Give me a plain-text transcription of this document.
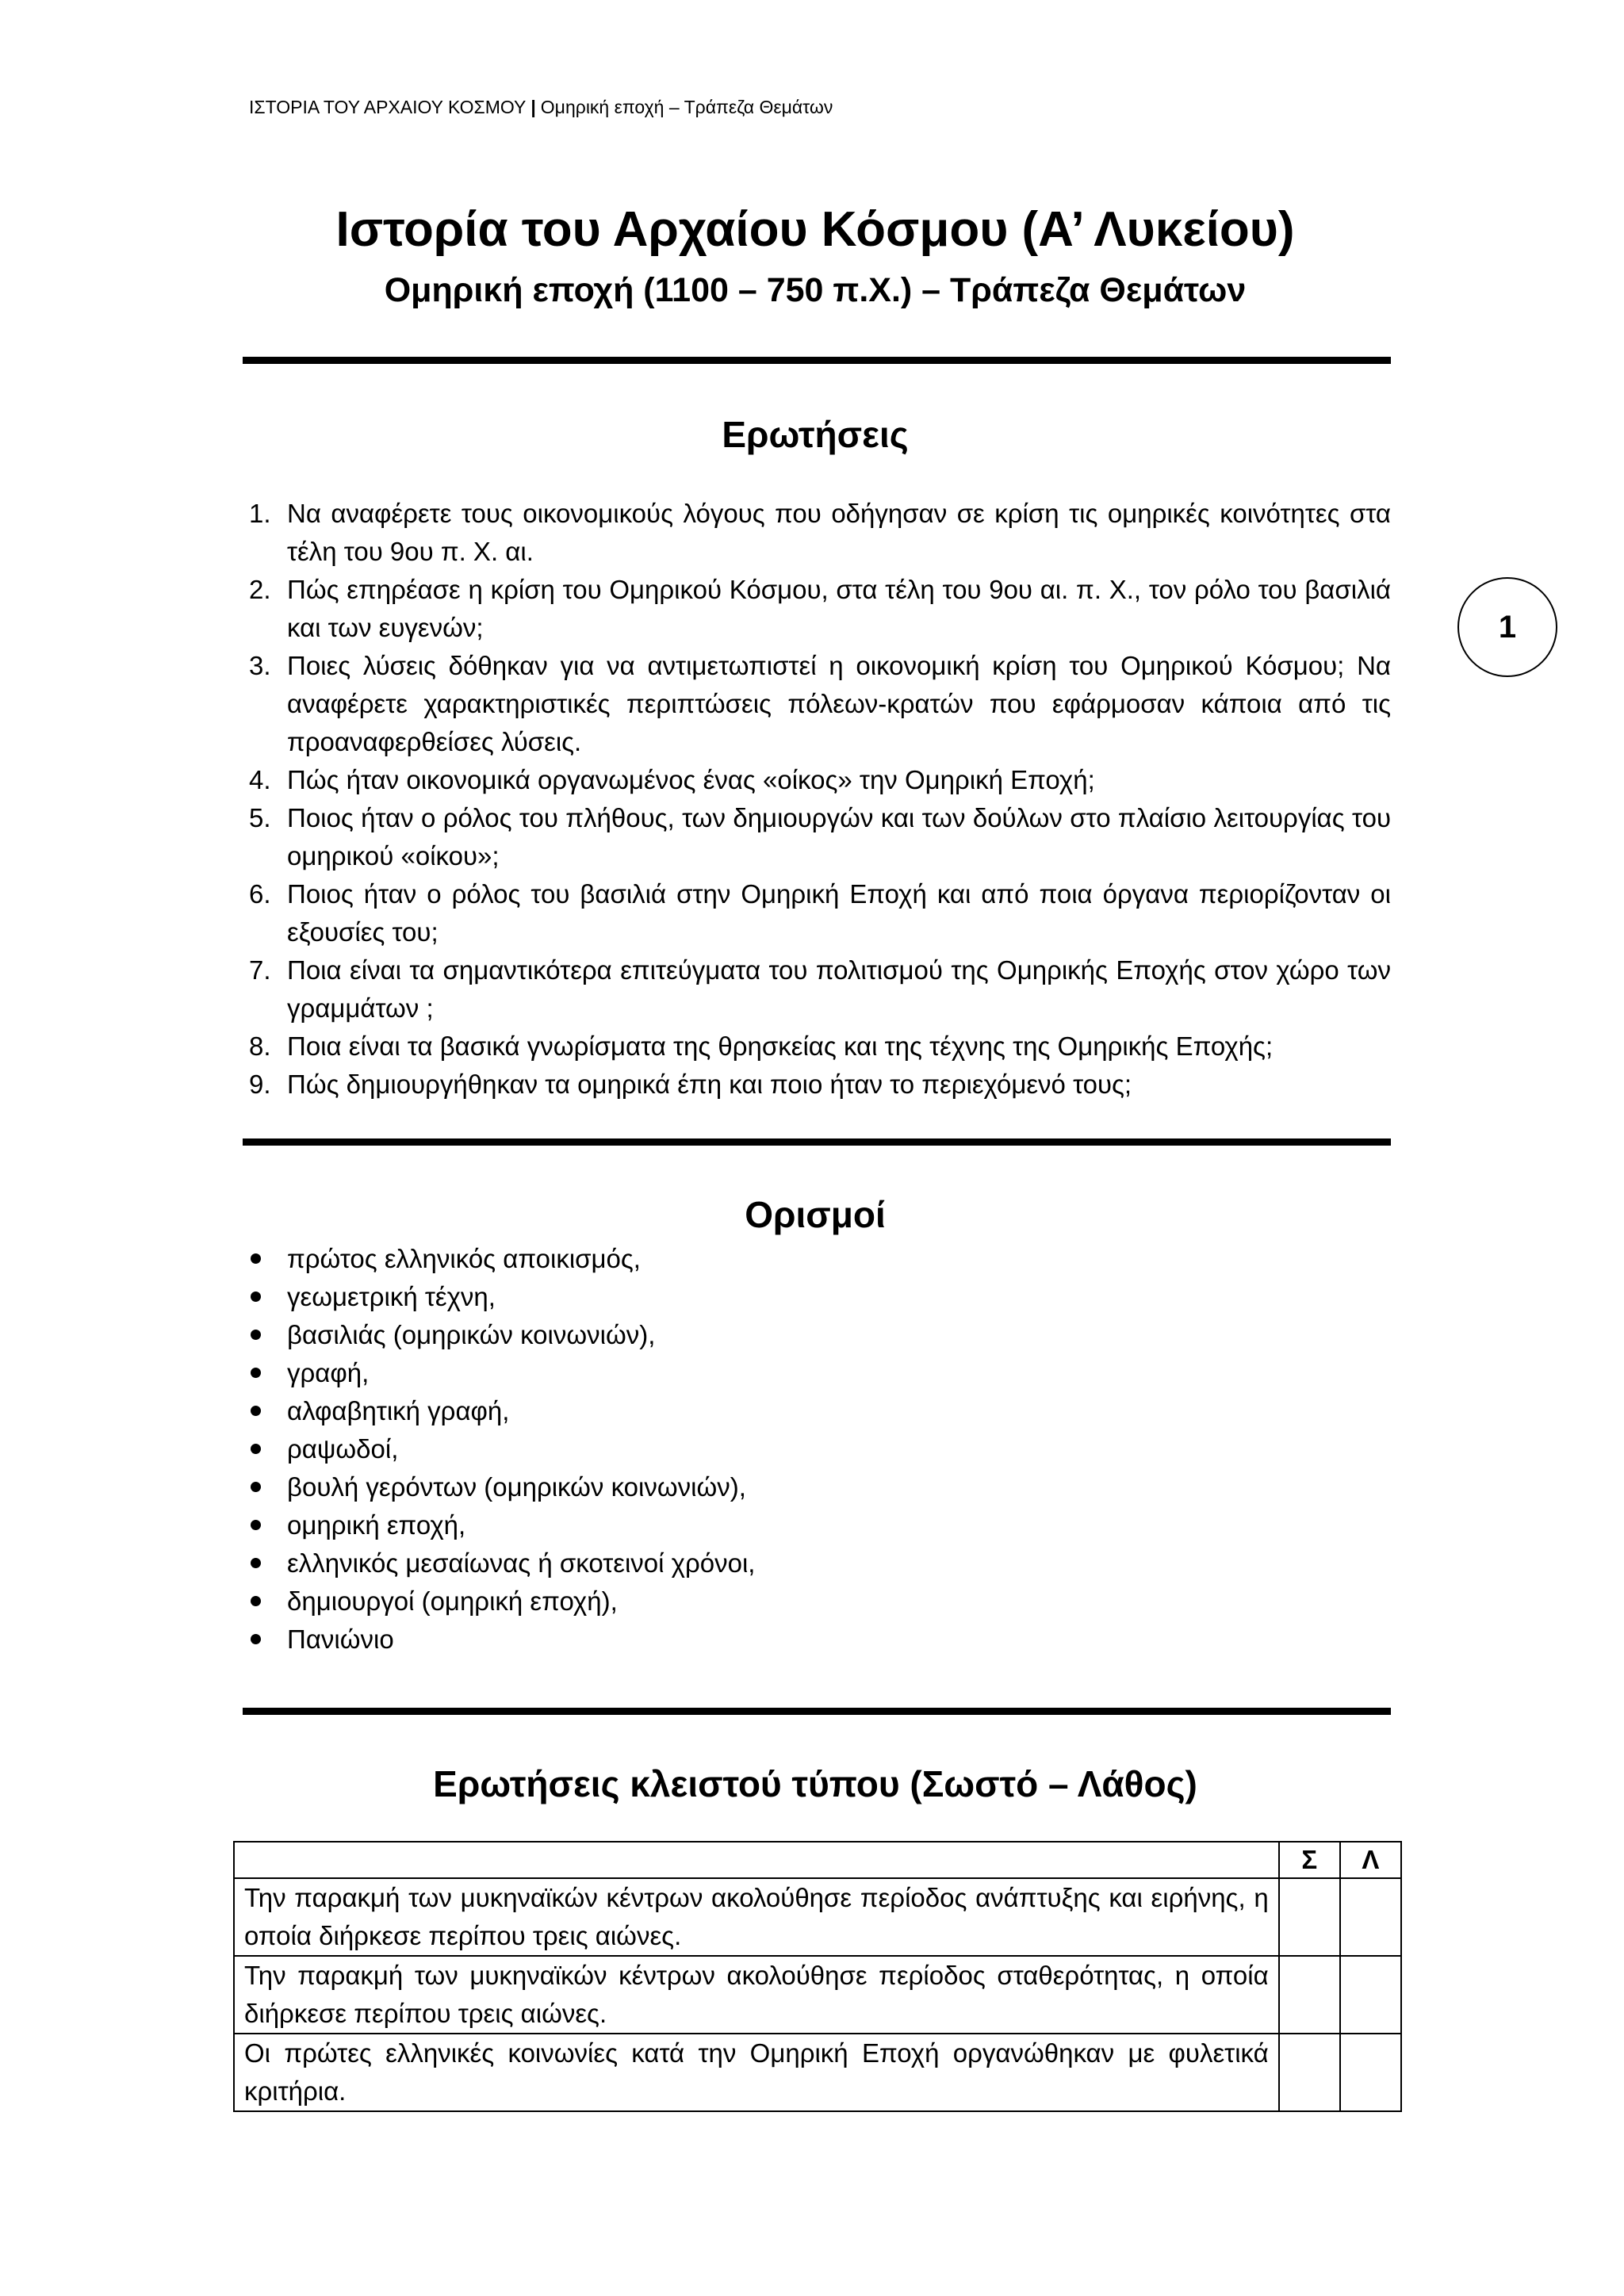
ΙΣΤΟΡΙΑ ΤΟΥ ΑΡΧΑΙΟΥ ΚΟΣΜΟΥ | Ομηρική εποχή – Τράπεζα Θεμάτων
Ιστορία του Αρχαίου Κόσμου (Α’ Λυκείου)
Ομηρική εποχή (1100 – 750 π.Χ.) – Τράπεζα Θεμάτων
Ερωτήσεις
1
1. Να αναφέρετε τους οικονομικούς λόγους που οδήγησαν σε κρίση τις ομηρικές κοινότητες στα τέλη του 9ου π. Χ. αι.
2. Πώς επηρέασε η κρίση του Ομηρικού Κόσμου, στα τέλη του 9ου αι. π. Χ., τον ρόλο του βασιλιά και των ευγενών;
3. Ποιες λύσεις δόθηκαν για να αντιμετωπιστεί η οικονομική κρίση του Ομηρικού Κόσμου; Να αναφέρετε χαρακτηριστικές περιπτώσεις πόλεων-κρατών που εφάρμοσαν κάποια από τις προαναφερθείσες λύσεις.
4. Πώς ήταν οικονομικά οργανωμένος ένας «οίκος» την Ομηρική Εποχή;
5. Ποιος ήταν ο ρόλος του πλήθους, των δημιουργών και των δούλων στο πλαίσιο λειτουργίας του ομηρικού «οίκου»;
6. Ποιος ήταν ο ρόλος του βασιλιά στην Ομηρική Εποχή και από ποια όργανα περιορίζονταν οι εξουσίες του;
7. Ποια είναι τα σημαντικότερα επιτεύγματα του πολιτισμού της Ομηρικής Εποχής στον χώρο των γραμμάτων ;
8. Ποια είναι τα βασικά γνωρίσματα της θρησκείας και της τέχνης της Ομηρικής Εποχής;
9. Πώς δημιουργήθηκαν τα ομηρικά έπη και ποιο ήταν το περιεχόμενό τους;
Ορισμοί
πρώτος ελληνικός αποικισμός,
γεωμετρική τέχνη,
βασιλιάς (ομηρικών κοινωνιών),
γραφή,
αλφαβητική γραφή,
ραψωδοί,
βουλή γερόντων (ομηρικών κοινωνιών),
ομηρική εποχή,
ελληνικός μεσαίωνας ή σκοτεινοί χρόνοι,
δημιουργοί (ομηρική εποχή),
Πανιώνιο
Ερωτήσεις κλειστού τύπου (Σωστό – Λάθος)
	Σ	Λ
Την παρακμή των μυκηναϊκών κέντρων ακολούθησε περίοδος ανάπτυξης και ειρήνης, η οποία διήρκεσε περίπου τρεις αιώνες.		
Την παρακμή των μυκηναϊκών κέντρων ακολούθησε περίοδος σταθερότητας, η οποία διήρκεσε περίπου τρεις αιώνες.		
Οι πρώτες ελληνικές κοινωνίες κατά την Ομηρική Εποχή οργανώθηκαν με φυλετικά κριτήρια.		
